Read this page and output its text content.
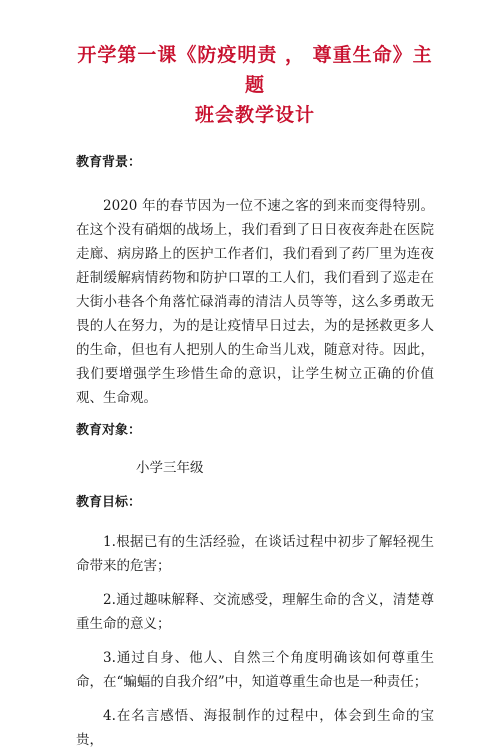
开学第一课《防疫明责 ， 尊重生命》主题
班会教学设计

教育背景：

2020 年的春节因为一位不速之客的到来而变得特别。在这个没有硝烟的战场上，我们看到了日日夜夜奔赴在医院走廊、病房路上的医护工作者们，我们看到了药厂里为连夜赶制缓解病情药物和防护口罩的工人们，我们看到了巡走在大街小巷各个角落忙碌消毒的清洁人员等等，这么多勇敢无畏的人在努力，为的是让疫情早日过去，为的是拯救更多人的生命，但也有人把别人的生命当儿戏，随意对待。因此，我们要增强学生珍惜生命的意识，让学生树立正确的价值观、生命观。

教育对象：

小学三年级

教育目标：

1.根据已有的生活经验，在谈话过程中初步了解轻视生命带来的危害；

2.通过趣味解释、交流感受，理解生命的含义，清楚尊重生命的意义；

3.通过自身、他人、自然三个角度明确该如何尊重生命，在“蝙蝠的自我介绍”中，知道尊重生命也是一种责任；

4.在名言感悟、海报制作的过程中，体会到生命的宝贵，
